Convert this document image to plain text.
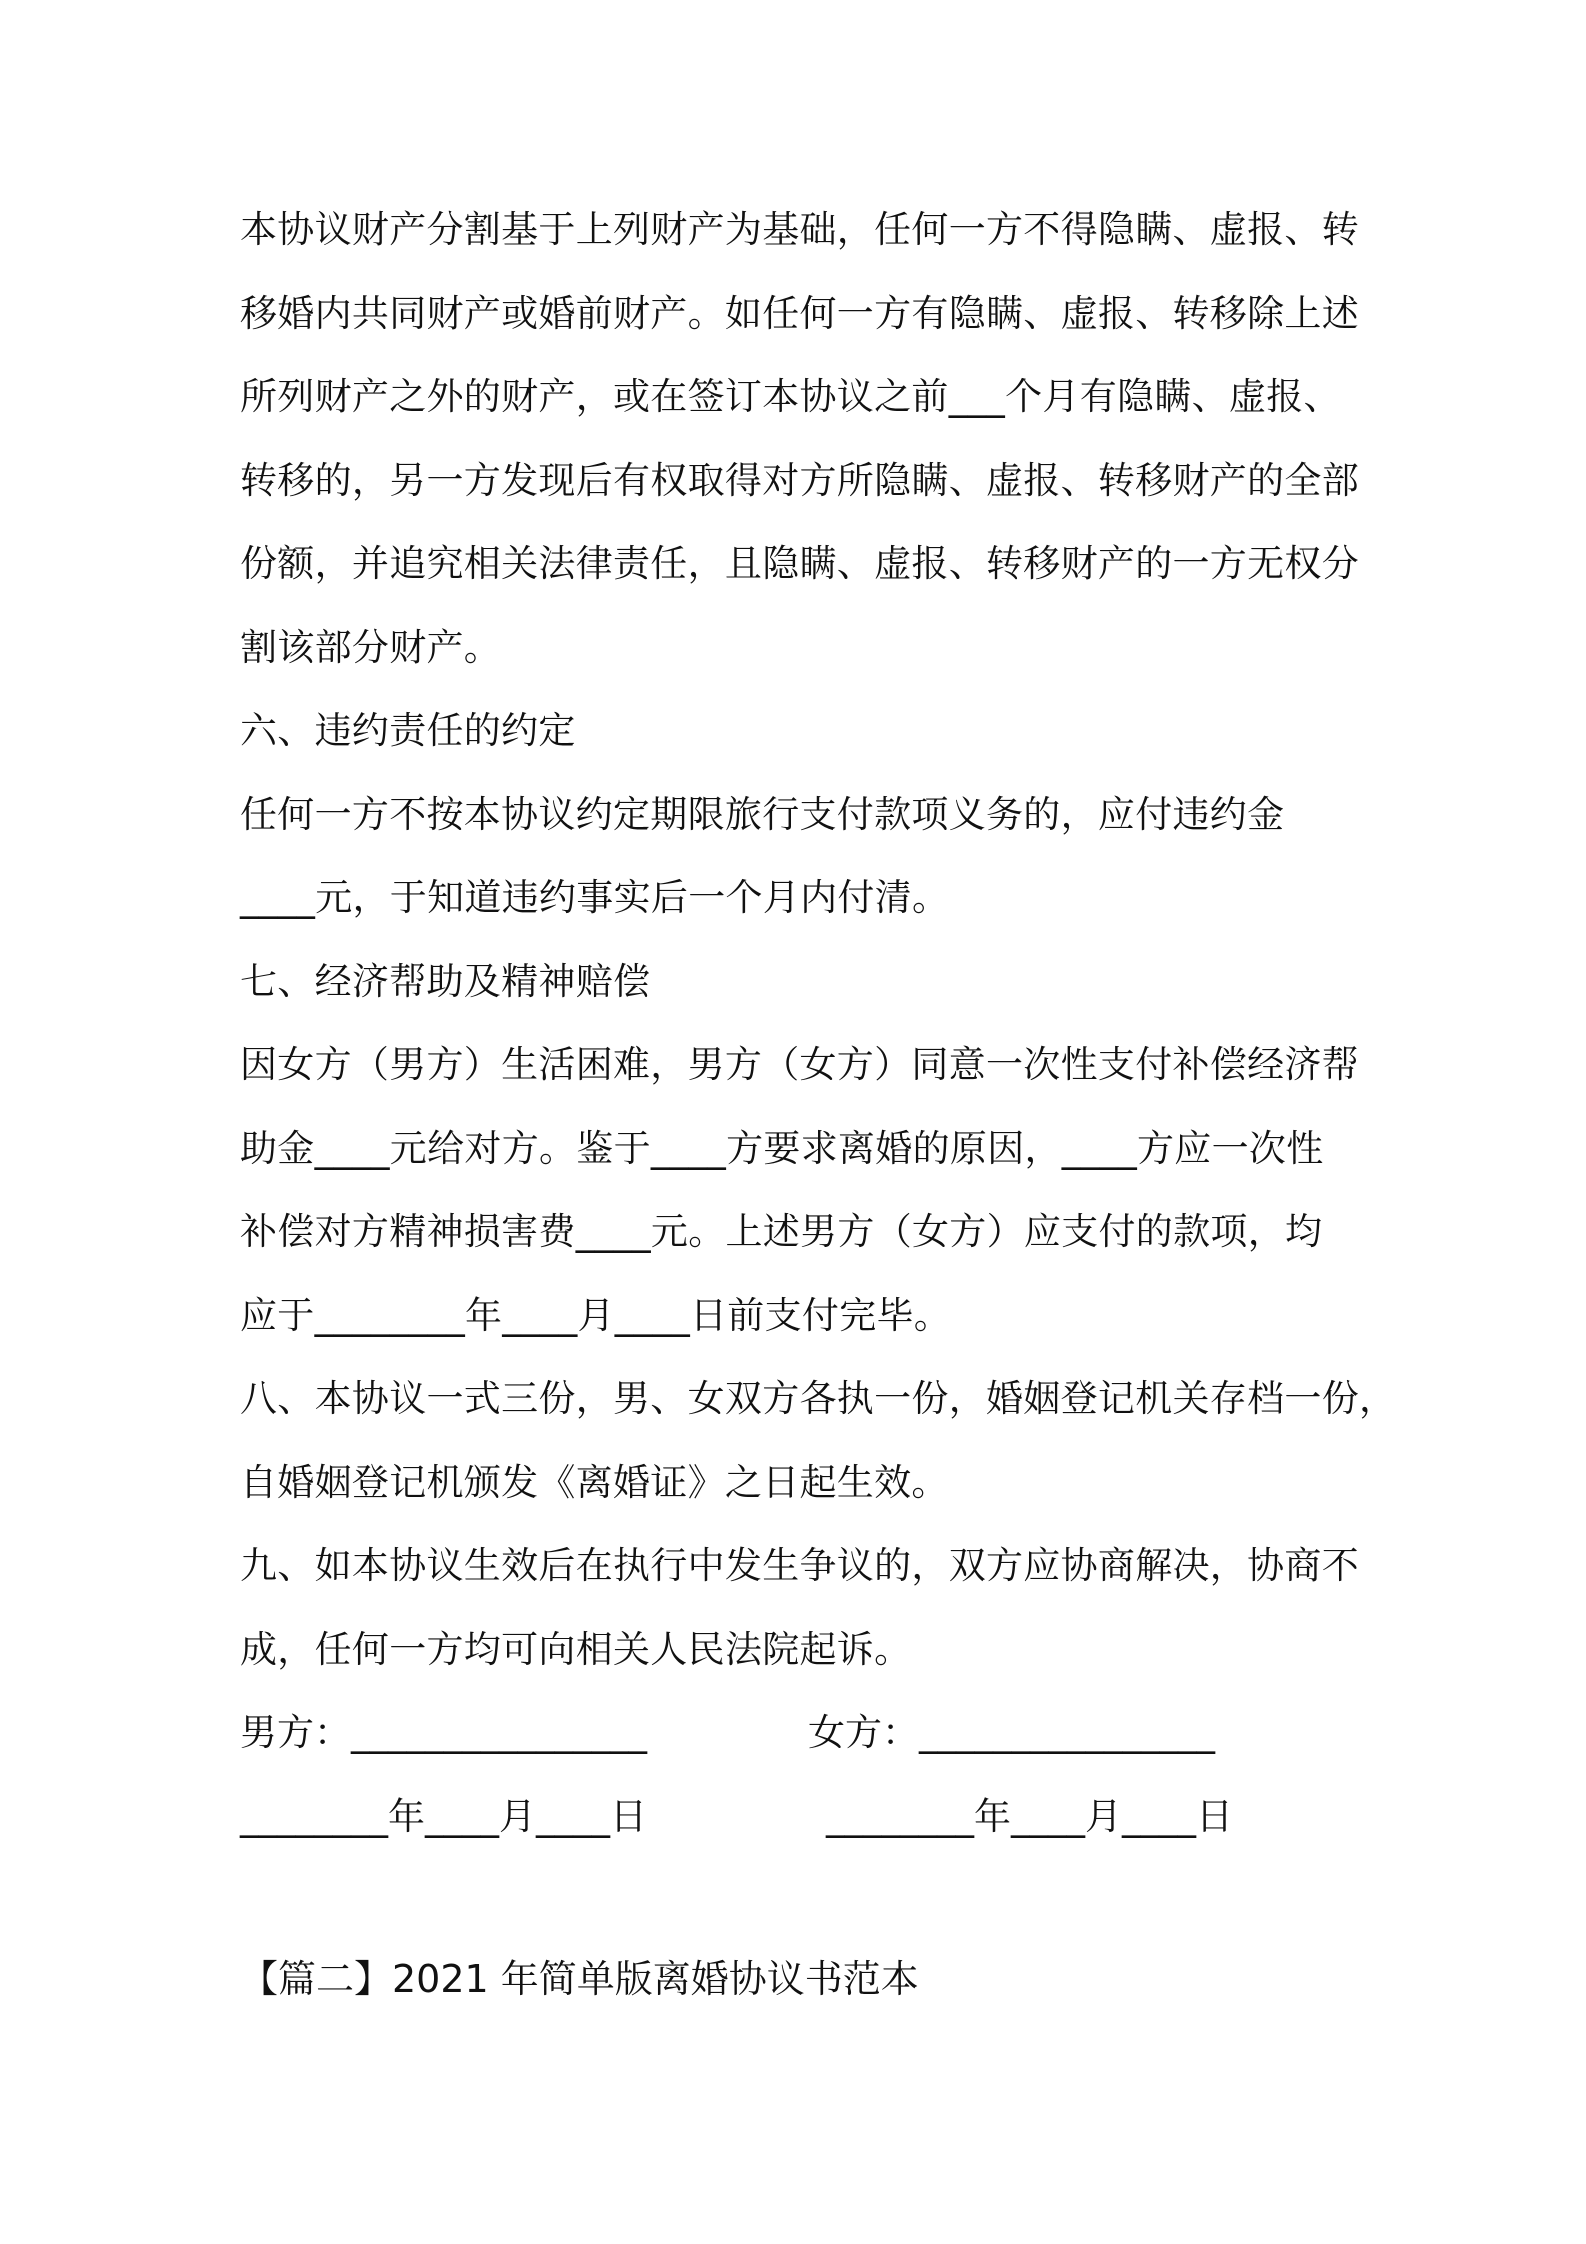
本协议财产分割基于上列财产为基础，任何一方不得隐瞒、虚报、转
移婚内共同财产或婚前财产。如任何一方有隐瞒、虚报、转移除上述
所列财产之外的财产，或在签订本协议之前___个月有隐瞒、虚报、
转移的，另一方发现后有权取得对方所隐瞒、虚报、转移财产的全部
份额，并追究相关法律责任，且隐瞒、虚报、转移财产的一方无权分
割该部分财产。
六、违约责任的约定
任何一方不按本协议约定期限旅行支付款项义务的，应付违约金
____元，于知道违约事实后一个月内付清。
七、经济帮助及精神赔偿
因女方（男方）生活困难，男方（女方）同意一次性支付补偿经济帮
助金____元给对方。鉴于____方要求离婚的原因，____方应一次性
补偿对方精神损害费____元。上述男方（女方）应支付的款项，均
应于________年____月____日前支付完毕。
八、本协议一式三份，男、女双方各执一份，婚姻登记机关存档一份，
自婚姻登记机颁发《离婚证》之日起生效。
九、如本协议生效后在执行中发生争议的，双方应协商解决，协商不
成，任何一方均可向相关人民法院起诉。
男方：________________	女方：________________
________年____月____日	________年____月____日
【篇二】2021 年简单版离婚协议书范本
